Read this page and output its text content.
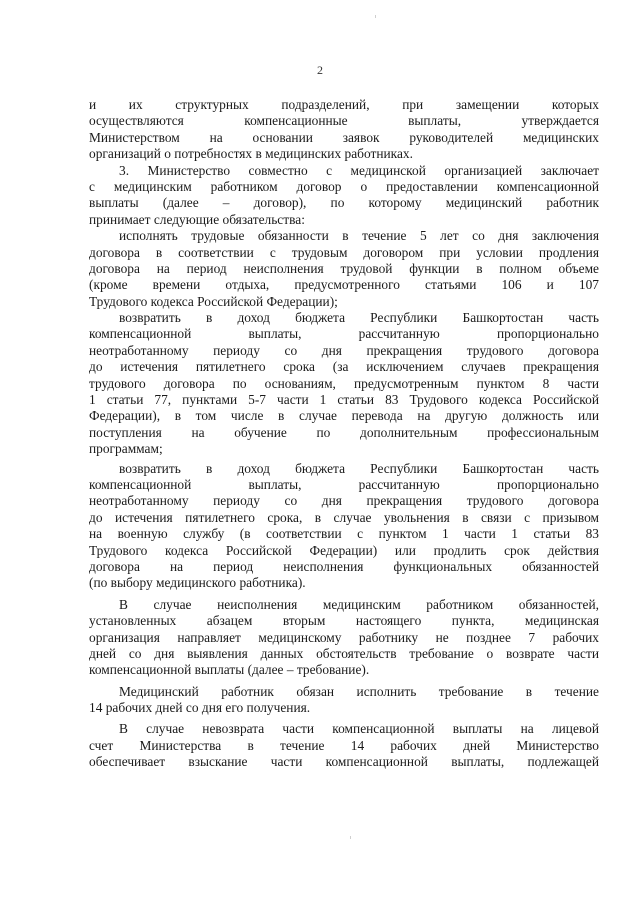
2
и их структурных подразделений, при замещении которых
осуществляются компенсационные выплаты, утверждается
Министерством на основании заявок руководителей медицинских
организаций о потребностях в медицинских работниках.
3. Министерство совместно с медицинской организацией заключает
с медицинским работником договор о предоставлении компенсационной
выплаты (далее – договор), по которому медицинский работник
принимает следующие обязательства:
исполнять трудовые обязанности в течение 5 лет со дня заключения
договора в соответствии с трудовым договором при условии продления
договора на период неисполнения трудовой функции в полном объеме
(кроме времени отдыха, предусмотренного статьями 106 и 107
Трудового кодекса Российской Федерации);
возвратить в доход бюджета Республики Башкортостан часть
компенсационной выплаты, рассчитанную пропорционально
неотработанному периоду со дня прекращения трудового договора
до истечения пятилетнего срока (за исключением случаев прекращения
трудового договора по основаниям, предусмотренным пунктом 8 части
1 статьи 77, пунктами 5-7 части 1 статьи 83 Трудового кодекса Российской
Федерации), в том числе в случае перевода на другую должность или
поступления на обучение по дополнительным профессиональным
программам;
возвратить в доход бюджета Республики Башкортостан часть
компенсационной выплаты, рассчитанную пропорционально
неотработанному периоду со дня прекращения трудового договора
до истечения пятилетнего срока, в случае увольнения в связи с призывом
на военную службу (в соответствии с пунктом 1 части 1 статьи 83
Трудового кодекса Российской Федерации) или продлить срок действия
договора на период неисполнения функциональных обязанностей
(по выбору медицинского работника).
В случае неисполнения медицинским работником обязанностей,
установленных абзацем вторым настоящего пункта, медицинская
организация направляет медицинскому работнику не позднее 7 рабочих
дней со дня выявления данных обстоятельств требование о возврате части
компенсационной выплаты (далее – требование).
Медицинский работник обязан исполнить требование в течение
14 рабочих дней со дня его получения.
В случае невозврата части компенсационной выплаты на лицевой
счет Министерства в течение 14 рабочих дней Министерство
обеспечивает взыскание части компенсационной выплаты, подлежащей
